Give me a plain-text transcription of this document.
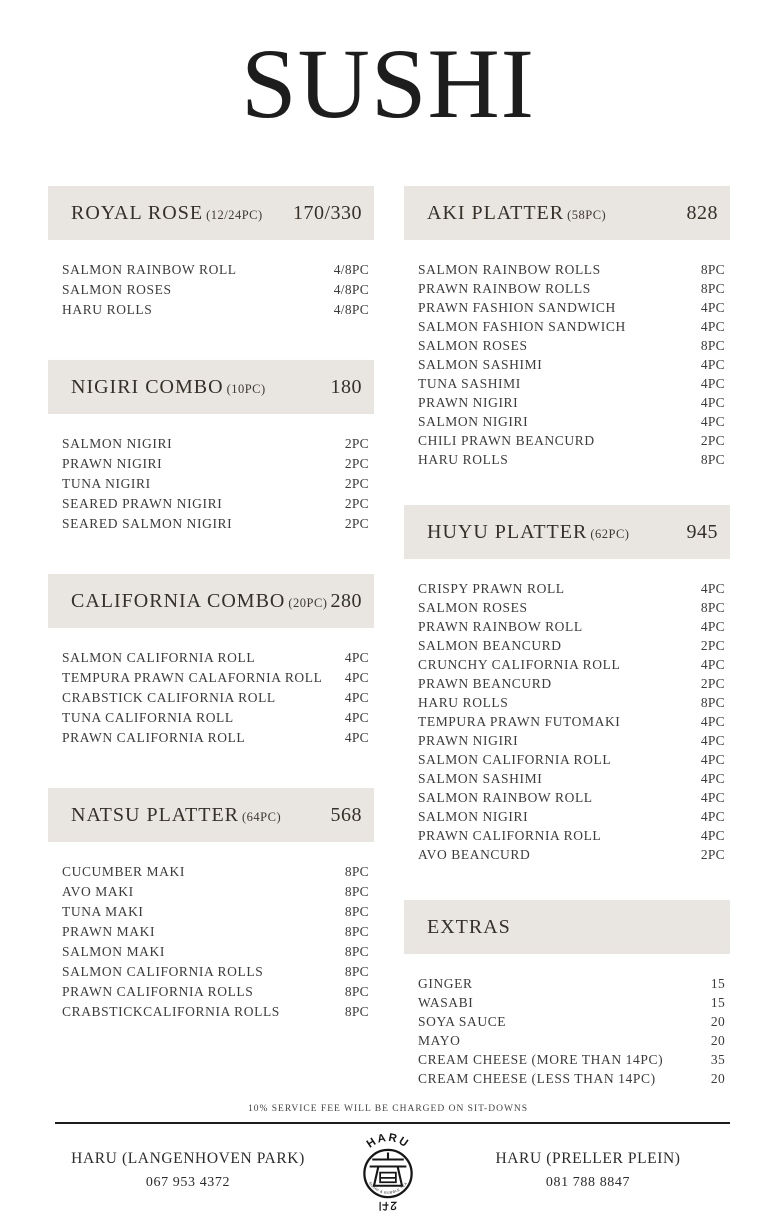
SUSHI
ROYAL ROSE (12/24PC) 170/330
SALMON RAINBOW ROLL	4/8PC
SALMON ROSES	4/8PC
HARU ROLLS	4/8PC
NIGIRI COMBO (10PC)	180
SALMON NIGIRI	2PC
PRAWN NIGIRI	2PC
TUNA NIGIRI	2PC
SEARED PRAWN NIGIRI	2PC
SEARED SALMON NIGIRI	2PC
CALIFORNIA COMBO (20PC) 280
SALMON CALIFORNIA ROLL	4PC
TEMPURA PRAWN CALAFORNIA ROLL 4PC
CRABSTICK CALIFORNIA ROLL	4PC
TUNA CALIFORNIA ROLL	4PC
PRAWN CALIFORNIA ROLL	4PC
NATSU PLATTER (64PC) 568
CUCUMBER MAKI	8PC
AVO MAKI	8PC
TUNA MAKI	8PC
PRAWN MAKI	8PC
SALMON MAKI	8PC
SALMON CALIFORNIA ROLLS	8PC
PRAWN CALIFORNIA ROLLS	8PC
CRABSTICKCALIFORNIA ROLLS	8PC
AKI PLATTER (58PC)	828
SALMON RAINBOW ROLLS	8PC
PRAWN RAINBOW ROLLS	8PC
PRAWN FASHION SANDWICH	4PC
SALMON FASHION SANDWICH	4PC
SALMON ROSES	8PC
SALMON SASHIMI	4PC
TUNA SASHIMI	4PC
PRAWN NIGIRI	4PC
SALMON NIGIRI	4PC
CHILI PRAWN BEANCURD	2PC
HARU ROLLS	8PC
HUYU PLATTER (62PC)	945
CRISPY PRAWN ROLL	4PC
SALMON ROSES	8PC
PRAWN RAINBOW ROLL	4PC
SALMON BEANCURD	2PC
CRUNCHY CALIFORNIA ROLL	4PC
PRAWN BEANCURD	2PC
HARU ROLLS	8PC
TEMPURA PRAWN FUTOMAKI	4PC
PRAWN NIGIRI	4PC
SALMON CALIFORNIA ROLL	4PC
SALMON SASHIMI	4PC
SALMON RAINBOW ROLL	4PC
SALMON NIGIRI	4PC
PRAWN CALIFORNIA ROLL	4PC
AVO BEANCURD	2PC
EXTRAS
GINGER	15
WASABI	15
SOYA SAUCE	20
MAYO	20
CREAM CHEESE (MORE THAN 14PC)	35
CREAM CHEESE (LESS THAN 14PC)	20
10% SERVICE FEE WILL BE CHARGED ON SIT-DOWNS
HARU (LANGENHOVEN PARK)
067 953 4372
HARU
SUSHI & BUBBLE TEA
HARU (PRELLER PLEIN)
081 788 8847
